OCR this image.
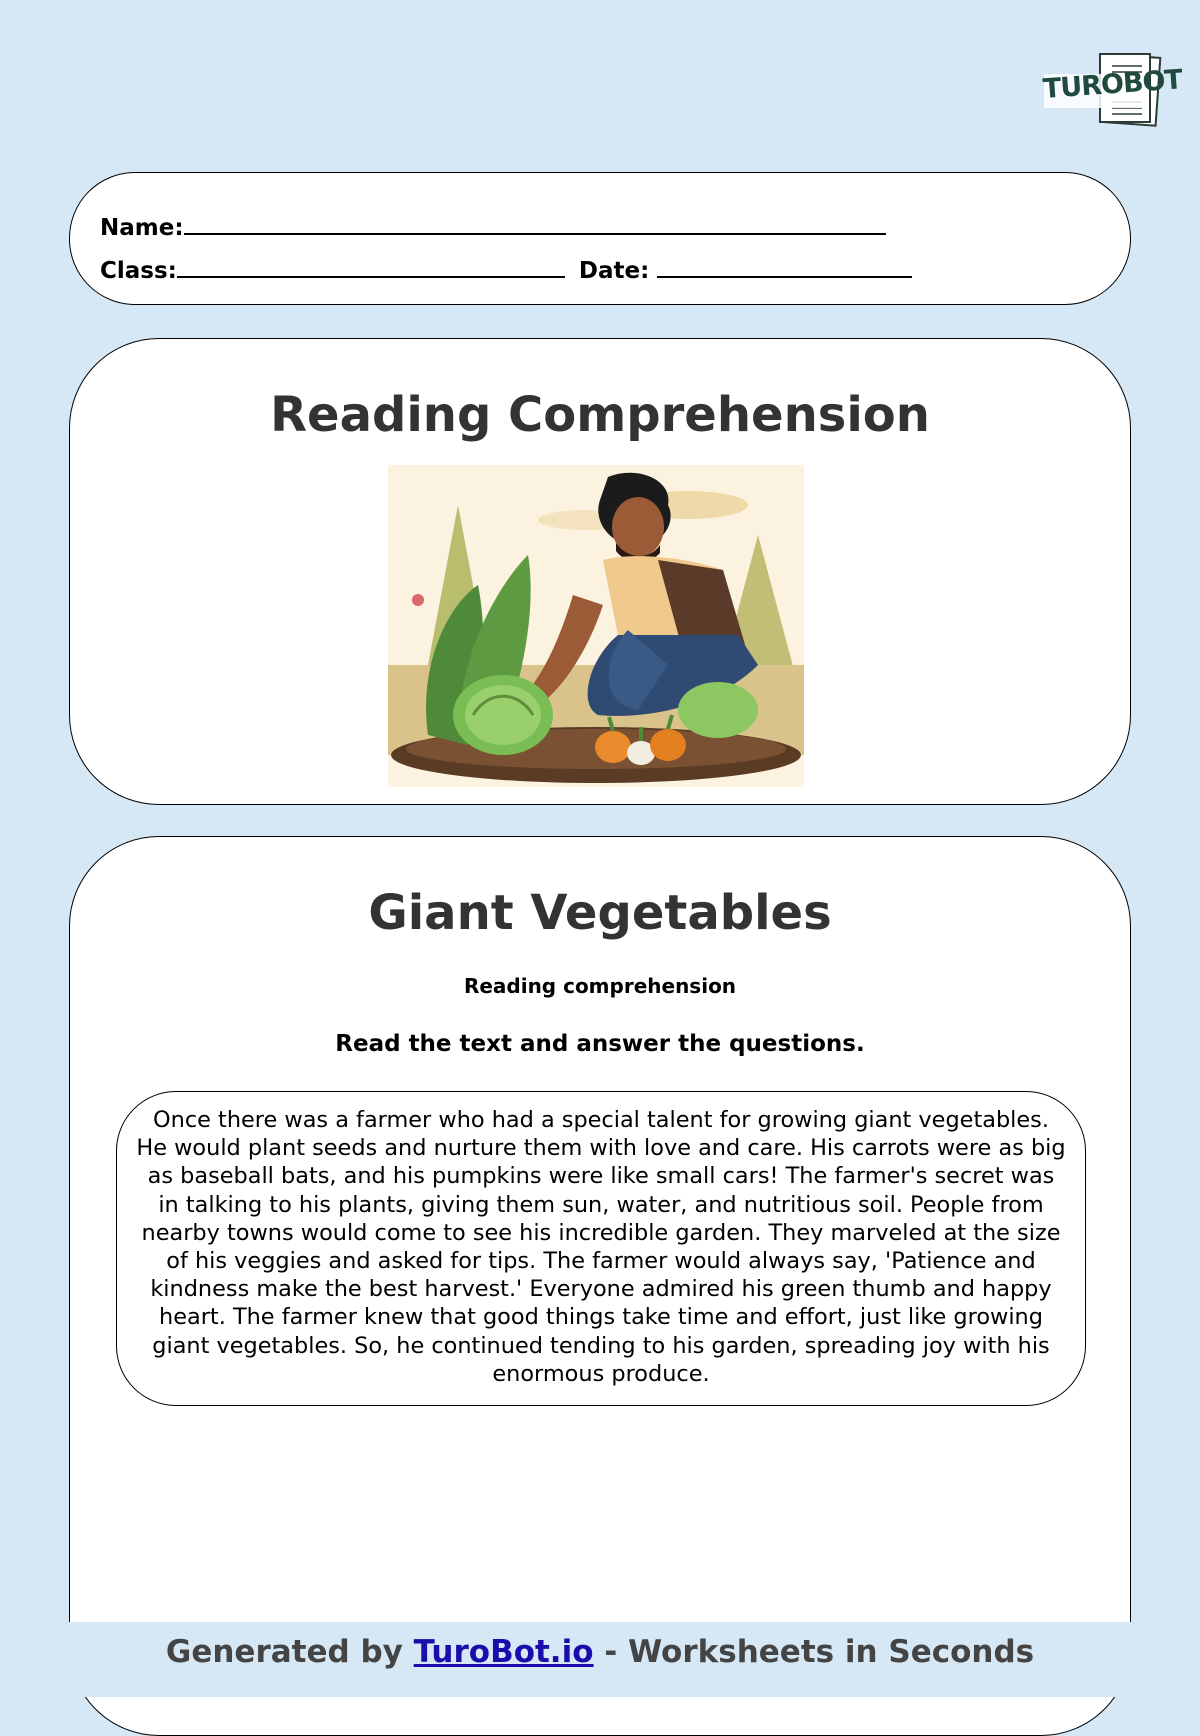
TUROBOT
Name:
Class:	Date:
Reading Comprehension
Giant Vegetables
Reading comprehension
Read the text and answer the questions.
Once there was a farmer who had a special talent for growing giant vegetables. He would plant seeds and nurture them with love and care. His carrots were as big as baseball bats, and his pumpkins were like small cars! The farmer's secret was in talking to his plants, giving them sun, water, and nutritious soil. People from nearby towns would come to see his incredible garden. They marveled at the size of his veggies and asked for tips. The farmer would always say, 'Patience and kindness make the best harvest.' Everyone admired his green thumb and happy heart. The farmer knew that good things take time and effort, just like growing giant vegetables. So, he continued tending to his garden, spreading joy with his enormous produce.
Generated by TuroBot.io - Worksheets in Seconds
